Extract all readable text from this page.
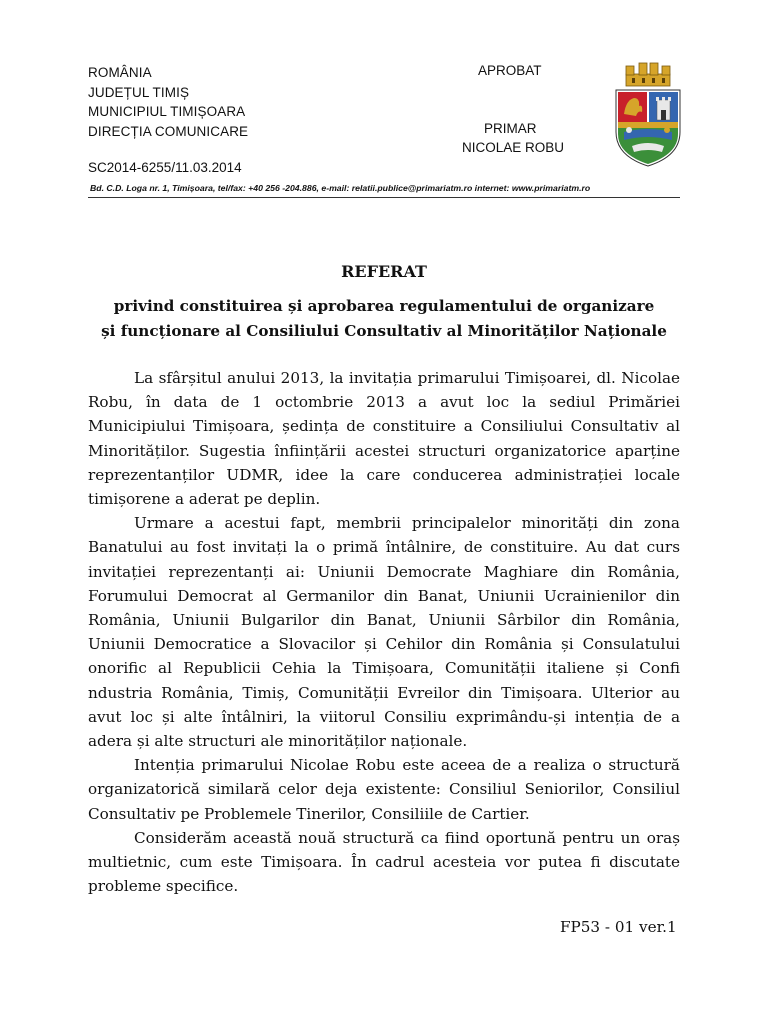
ROMÂNIA
JUDEȚUL TIMIȘ
MUNICIPIUL TIMIȘOARA
DIRECȚIA COMUNICARE
SC2014-6255/11.03.2014
APROBAT
PRIMAR
NICOLAE ROBU
Bd. C.D. Loga nr. 1, Timișoara, tel/fax: +40 256 -204.886, e-mail: relatii.publice@primariatm.ro internet: www.primariatm.ro
REFERAT
privind constituirea și aprobarea regulamentului de organizare
și funcționare al Consiliului Consultativ al Minorităților Naționale

La sfârșitul anului 2013, la invitația primarului Timișoarei, dl. Nicolae Robu, în data de 1 octombrie 2013 a avut loc la sediul Primăriei Municipiului Timișoara, ședința de constituire a Consiliului Consultativ al Minorităților. Sugestia înființării acestei structuri organizatorice aparține reprezentanților UDMR, idee la care conducerea administrației locale timișorene a aderat pe deplin.

Urmare a acestui fapt, membrii principalelor minorități din zona Banatului au fost invitați la o primă întâlnire, de constituire. Au dat curs invitației reprezentanți ai: Uniunii Democrate Maghiare din România, Forumului Democrat al Germanilor din Banat, Uniunii Ucrainienilor din România, Uniunii Bulgarilor din Banat, Uniunii Sârbilor din România, Uniunii Democratice a Slovacilor și Cehilor din România și Consulatului onorific al Republicii Cehia la Timișoara, Comunității italiene și Confi ndustria România, Timiș, Comunității Evreilor din Timișoara. Ulterior au avut loc și alte întâlniri, la viitorul Consiliu exprimându-și intenția de a adera și alte structuri ale minorităților naționale.

Intenția primarului Nicolae Robu este aceea de a realiza o structură organizatorică similară celor deja existente: Consiliul Seniorilor, Consiliul Consultativ pe Problemele Tinerilor, Consiliile de Cartier.

Considerăm această nouă structură ca fiind oportună pentru un oraș multietnic, cum este Timișoara. În cadrul acesteia vor putea fi discutate probleme specifice.

FP53 - 01 ver.1
